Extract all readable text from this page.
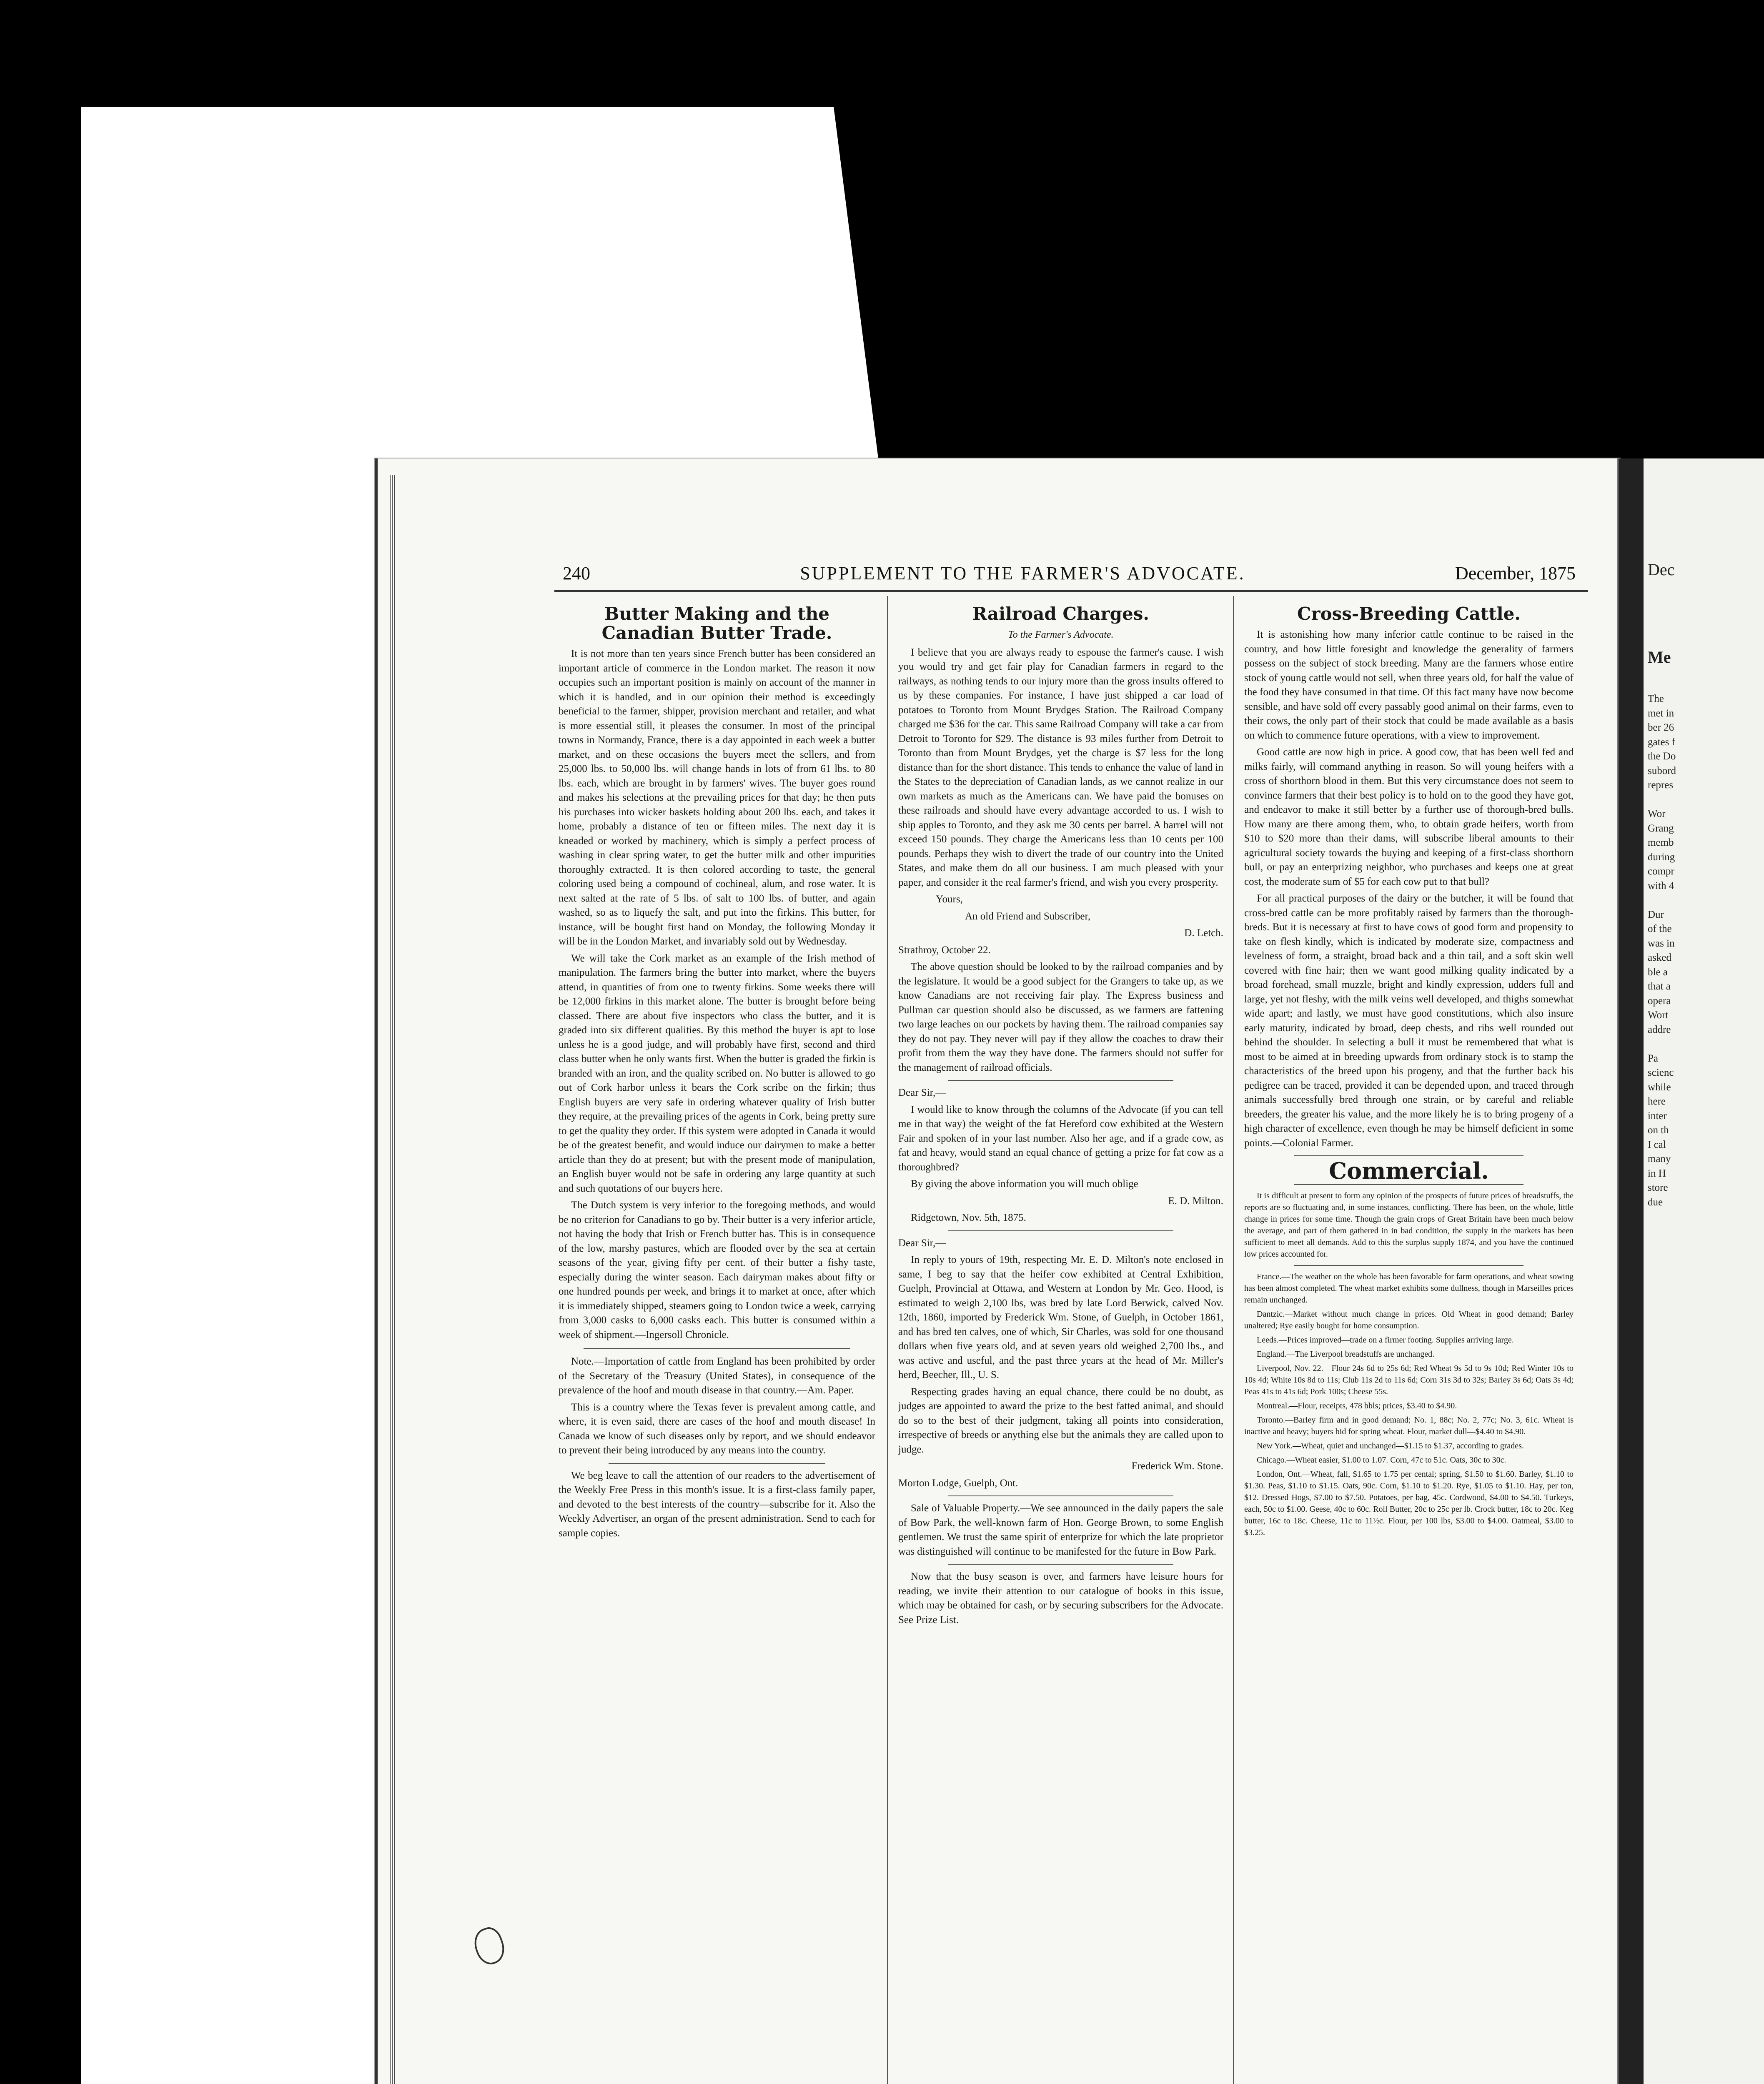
Dec
Me
The
met in
ber 26
gates f
the Do
subord
repres

Wor
Grang
memb
during
compr
with 4

Dur
of the
was in
asked
ble a
that a
opera
Wort
addre

Pa
scienc
while
here
inter
on th
I cal
many
in H
store
due
240	SUPPLEMENT TO THE FARMER'S ADVOCATE.	December, 1875
Butter Making and the Canadian Butter Trade.

It is not more than ten years since French butter has been considered an important article of commerce in the London market. The reason it now occupies such an important position is mainly on account of the manner in which it is handled, and in our opinion their method is exceedingly beneficial to the farmer, shipper, provision merchant and retailer, and what is more essential still, it pleases the consumer. In most of the principal towns in Normandy, France, there is a day appointed in each week a butter market, and on these occasions the buyers meet the sellers, and from 25,000 lbs. to 50,000 lbs. will change hands in lots of from 61 lbs. to 80 lbs. each, which are brought in by farmers' wives. The buyer goes round and makes his selections at the prevailing prices for that day; he then puts his purchases into wicker baskets holding about 200 lbs. each, and takes it home, probably a distance of ten or fifteen miles. The next day it is kneaded or worked by machinery, which is simply a perfect process of washing in clear spring water, to get the butter milk and other impurities thoroughly extracted. It is then colored according to taste, the general coloring used being a compound of cochineal, alum, and rose water. It is next salted at the rate of 5 lbs. of salt to 100 lbs. of butter, and again washed, so as to liquefy the salt, and put into the firkins. This butter, for instance, will be bought first hand on Monday, the following Monday it will be in the London Market, and invariably sold out by Wednesday.

We will take the Cork market as an example of the Irish method of manipulation. The farmers bring the butter into market, where the buyers attend, in quantities of from one to twenty firkins. Some weeks there will be 12,000 firkins in this market alone. The butter is brought before being classed. There are about five inspectors who class the butter, and it is graded into six different qualities. By this method the buyer is apt to lose unless he is a good judge, and will probably have first, second and third class butter when he only wants first. When the butter is graded the firkin is branded with an iron, and the quality scribed on. No butter is allowed to go out of Cork harbor unless it bears the Cork scribe on the firkin; thus English buyers are very safe in ordering whatever quality of Irish butter they require, at the prevailing prices of the agents in Cork, being pretty sure to get the quality they order. If this system were adopted in Canada it would be of the greatest benefit, and would induce our dairymen to make a better article than they do at present; but with the present mode of manipulation, an English buyer would not be safe in ordering any large quantity at such and such quotations of our buyers here.

The Dutch system is very inferior to the foregoing methods, and would be no criterion for Canadians to go by. Their butter is a very inferior article, not having the body that Irish or French butter has. This is in consequence of the low, marshy pastures, which are flooded over by the sea at certain seasons of the year, giving fifty per cent. of their butter a fishy taste, especially during the winter season. Each dairyman makes about fifty or one hundred pounds per week, and brings it to market at once, after which it is immediately shipped, steamers going to London twice a week, carrying from 3,000 casks to 6,000 casks each. This butter is consumed within a week of shipment.—Ingersoll Chronicle.

Note.—Importation of cattle from England has been prohibited by order of the Secretary of the Treasury (United States), in consequence of the prevalence of the hoof and mouth disease in that country.—Am. Paper.

This is a country where the Texas fever is prevalent among cattle, and where, it is even said, there are cases of the hoof and mouth disease! In Canada we know of such diseases only by report, and we should endeavor to prevent their being introduced by any means into the country.

We beg leave to call the attention of our readers to the advertisement of the Weekly Free Press in this month's issue. It is a first-class family paper, and devoted to the best interests of the country—subscribe for it. Also the Weekly Advertiser, an organ of the present administration. Send to each for sample copies.

Railroad Charges.

To the Farmer's Advocate.

I believe that you are always ready to espouse the farmer's cause. I wish you would try and get fair play for Canadian farmers in regard to the railways, as nothing tends to our injury more than the gross insults offered to us by these companies. For instance, I have just shipped a car load of potatoes to Toronto from Mount Brydges Station. The Railroad Company charged me $36 for the car. This same Railroad Company will take a car from Detroit to Toronto for $29. The distance is 93 miles further from Detroit to Toronto than from Mount Brydges, yet the charge is $7 less for the long distance than for the short distance. This tends to enhance the value of land in the States to the depreciation of Canadian lands, as we cannot realize in our own markets as much as the Americans can. We have paid the bonuses on these railroads and should have every advantage accorded to us. I wish to ship apples to Toronto, and they ask me 30 cents per barrel. A barrel will not exceed 150 pounds. They charge the Americans less than 10 cents per 100 pounds. Perhaps they wish to divert the trade of our country into the United States, and make them do all our business. I am much pleased with your paper, and consider it the real farmer's friend, and wish you every prosperity.

Yours,

An old Friend and Subscriber,

D. Letch.

Strathroy, October 22.

The above question should be looked to by the railroad companies and by the legislature. It would be a good subject for the Grangers to take up, as we know Canadians are not receiving fair play. The Express business and Pullman car question should also be discussed, as we farmers are fattening two large leaches on our pockets by having them. The railroad companies say they do not pay. They never will pay if they allow the coaches to draw their profit from them the way they have done. The farmers should not suffer for the management of railroad officials.

Dear Sir,—

I would like to know through the columns of the Advocate (if you can tell me in that way) the weight of the fat Hereford cow exhibited at the Western Fair and spoken of in your last number. Also her age, and if a grade cow, as fat and heavy, would stand an equal chance of getting a prize for fat cow as a thoroughbred?

By giving the above information you will much oblige

E. D. Milton.

Ridgetown, Nov. 5th, 1875.

Dear Sir,—

In reply to yours of 19th, respecting Mr. E. D. Milton's note enclosed in same, I beg to say that the heifer cow exhibited at Central Exhibition, Guelph, Provincial at Ottawa, and Western at London by Mr. Geo. Hood, is estimated to weigh 2,100 lbs, was bred by late Lord Berwick, calved Nov. 12th, 1860, imported by Frederick Wm. Stone, of Guelph, in October 1861, and has bred ten calves, one of which, Sir Charles, was sold for one thousand dollars when five years old, and at seven years old weighed 2,700 lbs., and was active and useful, and the past three years at the head of Mr. Miller's herd, Beecher, Ill., U. S.

Respecting grades having an equal chance, there could be no doubt, as judges are appointed to award the prize to the best fatted animal, and should do so to the best of their judgment, taking all points into consideration, irrespective of breeds or anything else but the animals they are called upon to judge.

Frederick Wm. Stone.

Morton Lodge, Guelph, Ont.

Sale of Valuable Property.—We see announced in the daily papers the sale of Bow Park, the well-known farm of Hon. George Brown, to some English gentlemen. We trust the same spirit of enterprize for which the late proprietor was distinguished will continue to be manifested for the future in Bow Park.

Now that the busy season is over, and farmers have leisure hours for reading, we invite their attention to our catalogue of books in this issue, which may be obtained for cash, or by securing subscribers for the Advocate. See Prize List.

Cross-Breeding Cattle.

It is astonishing how many inferior cattle continue to be raised in the country, and how little foresight and knowledge the generality of farmers possess on the subject of stock breeding. Many are the farmers whose entire stock of young cattle would not sell, when three years old, for half the value of the food they have consumed in that time. Of this fact many have now become sensible, and have sold off every passably good animal on their farms, even to their cows, the only part of their stock that could be made available as a basis on which to commence future operations, with a view to improvement.

Good cattle are now high in price. A good cow, that has been well fed and milks fairly, will command anything in reason. So will young heifers with a cross of shorthorn blood in them. But this very circumstance does not seem to convince farmers that their best policy is to hold on to the good they have got, and endeavor to make it still better by a further use of thorough-bred bulls. How many are there among them, who, to obtain grade heifers, worth from $10 to $20 more than their dams, will subscribe liberal amounts to their agricultural society towards the buying and keeping of a first-class shorthorn bull, or pay an enterprizing neighbor, who purchases and keeps one at great cost, the moderate sum of $5 for each cow put to that bull?

For all practical purposes of the dairy or the butcher, it will be found that cross-bred cattle can be more profitably raised by farmers than the thorough-breds. But it is necessary at first to have cows of good form and propensity to take on flesh kindly, which is indicated by moderate size, compactness and levelness of form, a straight, broad back and a thin tail, and a soft skin well covered with fine hair; then we want good milking quality indicated by a broad forehead, small muzzle, bright and kindly expression, udders full and large, yet not fleshy, with the milk veins well developed, and thighs somewhat wide apart; and lastly, we must have good constitutions, which also insure early maturity, indicated by broad, deep chests, and ribs well rounded out behind the shoulder. In selecting a bull it must be remembered that what is most to be aimed at in breeding upwards from ordinary stock is to stamp the characteristics of the breed upon his progeny, and that the further back his pedigree can be traced, provided it can be depended upon, and traced through animals successfully bred through one strain, or by careful and reliable breeders, the greater his value, and the more likely he is to bring progeny of a high character of excellence, even though he may be himself deficient in some points.—Colonial Farmer.

Commercial.

It is difficult at present to form any opinion of the prospects of future prices of breadstuffs, the reports are so fluctuating and, in some instances, conflicting. There has been, on the whole, little change in prices for some time. Though the grain crops of Great Britain have been much below the average, and part of them gathered in in bad condition, the supply in the markets has been sufficient to meet all demands. Add to this the surplus supply 1874, and you have the continued low prices accounted for.

France.—The weather on the whole has been favorable for farm operations, and wheat sowing has been almost completed. The wheat market exhibits some dullness, though in Marseilles prices remain unchanged.

Dantzic.—Market without much change in prices. Old Wheat in good demand; Barley unaltered; Rye easily bought for home consumption.

Leeds.—Prices improved—trade on a firmer footing. Supplies arriving large.

England.—The Liverpool breadstuffs are unchanged.

Liverpool, Nov. 22.—Flour 24s 6d to 25s 6d; Red Wheat 9s 5d to 9s 10d; Red Winter 10s to 10s 4d; White 10s 8d to 11s; Club 11s 2d to 11s 6d; Corn 31s 3d to 32s; Barley 3s 6d; Oats 3s 4d; Peas 41s to 41s 6d; Pork 100s; Cheese 55s.

Montreal.—Flour, receipts, 478 bbls; prices, $3.40 to $4.90.

Toronto.—Barley firm and in good demand; No. 1, 88c; No. 2, 77c; No. 3, 61c. Wheat is inactive and heavy; buyers bid for spring wheat. Flour, market dull—$4.40 to $4.90.

New York.—Wheat, quiet and unchanged—$1.15 to $1.37, according to grades.

Chicago.—Wheat easier, $1.00 to 1.07. Corn, 47c to 51c. Oats, 30c to 30c.

London, Ont.—Wheat, fall, $1.65 to 1.75 per cental; spring, $1.50 to $1.60. Barley, $1.10 to $1.30. Peas, $1.10 to $1.15. Oats, 90c. Corn, $1.10 to $1.20. Rye, $1.05 to $1.10. Hay, per ton, $12. Dressed Hogs, $7.00 to $7.50. Potatoes, per bag, 45c. Cordwood, $4.00 to $4.50. Turkeys, each, 50c to $1.00. Geese, 40c to 60c. Roll Butter, 20c to 25c per lb. Crock butter, 18c to 20c. Keg butter, 16c to 18c. Cheese, 11c to 11½c. Flour, per 100 lbs, $3.00 to $4.00. Oatmeal, $3.00 to $3.25.
